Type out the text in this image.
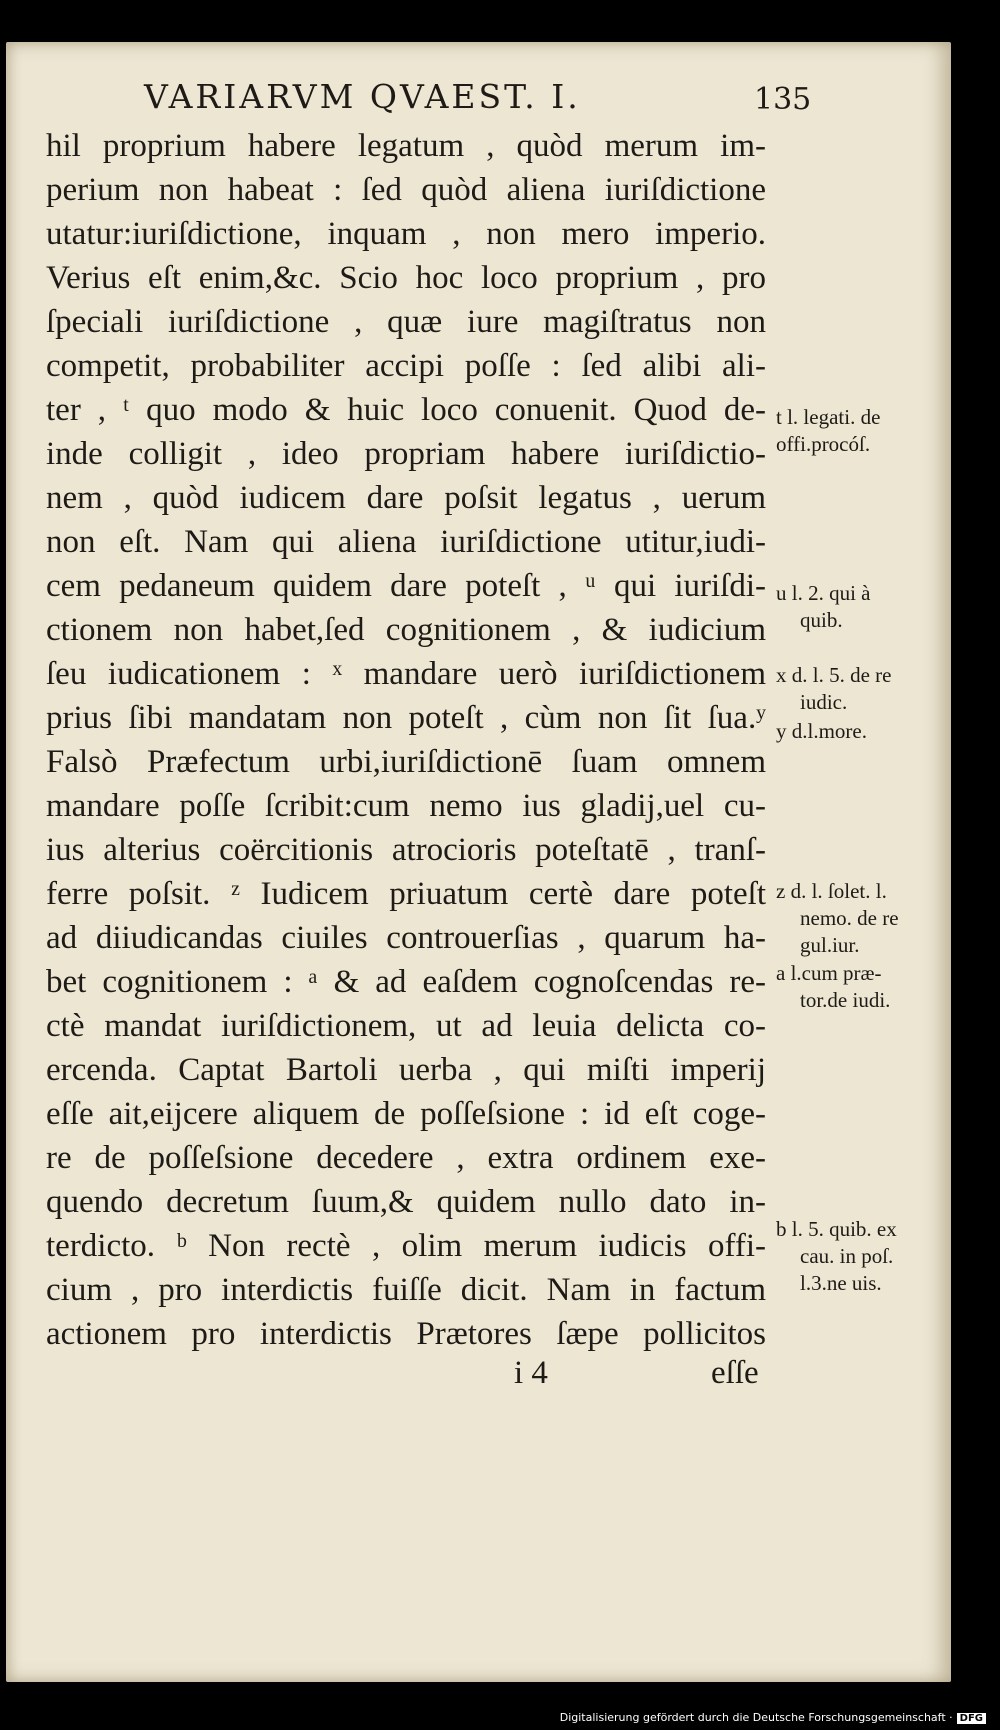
VARIARVM QVAEST. I.	135
hil proprium habere legatum , quòd merum im-
perium non habeat : ſed quòd aliena iuriſdictione
utatur:iuriſdictione, inquam , non mero imperio.
Verius eſt enim,&c. Scio hoc loco proprium , pro
ſpeciali iuriſdictione , quæ iure magiſtratus non
competit, probabiliter accipi poſſe : ſed alibi ali-
ter , ᵗ quo modo & huic loco conuenit. Quod de-
inde colligit , ideo propriam habere iuriſdictio-
nem , quòd iudicem dare poſsit legatus , uerum
non eſt. Nam qui aliena iuriſdictione utitur,iudi-
cem pedaneum quidem dare poteſt , ᵘ qui iuriſdi-
ctionem non habet,ſed cognitionem , & iudicium
ſeu iudicationem : ˣ mandare uerò iuriſdictionem
prius ſibi mandatam non poteſt , cùm non ſit ſua.ʸ
Falsò Præfectum urbi,iuriſdictionē ſuam omnem
mandare poſſe ſcribit:cum nemo ius gladij,uel cu-
ius alterius coërcitionis atrocioris poteſtatē , tranſ-
ferre poſsit. ᶻ Iudicem priuatum certè dare poteſt
ad diiudicandas ciuiles controuerſias , quarum ha-
bet cognitionem : ᵃ & ad eaſdem cognoſcendas re-
ctè mandat iuriſdictionem, ut ad leuia delicta co-
ercenda. Captat Bartoli uerba , qui miſti imperij
eſſe ait,eijcere aliquem de poſſeſsione : id eſt coge-
re de poſſeſsione decedere , extra ordinem exe-
quendo decretum ſuum,& quidem nullo dato in-
terdicto. ᵇ Non rectè , olim merum iudicis offi-
cium , pro interdictis fuiſſe dicit. Nam in factum
actionem pro interdictis Prætores ſæpe pollicitos
i 4	eſſe
t l. legati. de
offi.procóſ.
u l. 2. qui à
quib.
x d. l. 5. de re
iudic.
y d.l.more.
z d. l. ſolet. l.
nemo. de re
gul.iur.
a l.cum præ-
tor.de iudi.
b l. 5. quib. ex
cau. in poſ.
l.3.ne uis.
Digitalisierung gefördert durch die Deutsche Forschungsgemeinschaft · DFG
